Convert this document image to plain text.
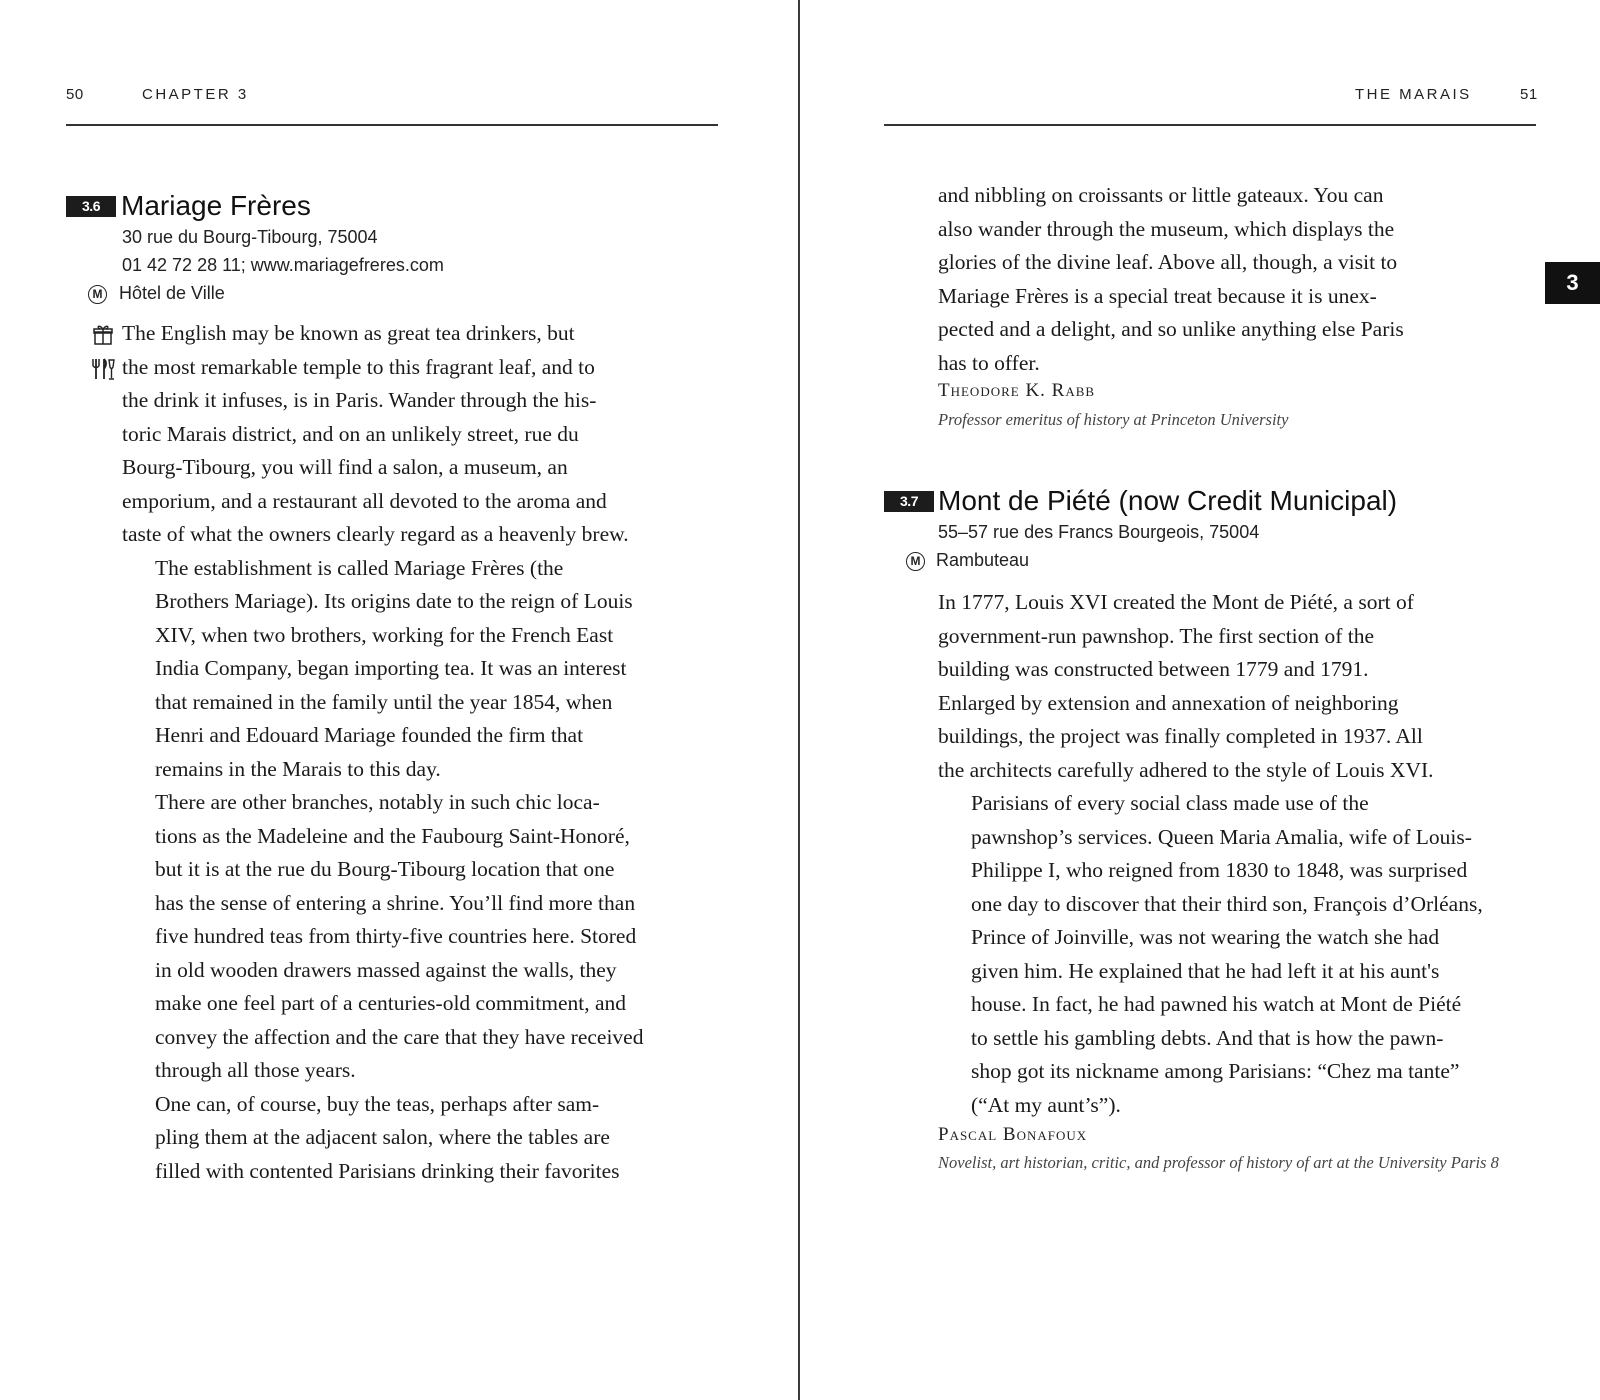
50	CHAPTER 3
3.6 Mariage Frères
30 rue du Bourg-Tibourg, 75004
01 42 72 28 11; www.mariagefreres.com
M Hôtel de Ville

The English may be known as great tea drinkers, but
the most remarkable temple to this fragrant leaf, and to
the drink it infuses, is in Paris. Wander through the his-
toric Marais district, and on an unlikely street, rue du
Bourg-Tibourg, you will find a salon, a museum, an
emporium, and a restaurant all devoted to the aroma and
taste of what the owners clearly regard as a heavenly brew.

The establishment is called Mariage Frères (the
Brothers Mariage). Its origins date to the reign of Louis
XIV, when two brothers, working for the French East
India Company, began importing tea. It was an interest
that remained in the family until the year 1854, when
Henri and Edouard Mariage founded the firm that
remains in the Marais to this day.

There are other branches, notably in such chic loca-
tions as the Madeleine and the Faubourg Saint-Honoré,
but it is at the rue du Bourg-Tibourg location that one
has the sense of entering a shrine. You’ll find more than
five hundred teas from thirty-five countries here. Stored
in old wooden drawers massed against the walls, they
make one feel part of a centuries-old commitment, and
convey the affection and the care that they have received
through all those years.

One can, of course, buy the teas, perhaps after sam-
pling them at the adjacent salon, where the tables are
filled with contented Parisians drinking their favorites

THE MARAIS	51
3

and nibbling on croissants or little gateaux. You can
also wander through the museum, which displays the
glories of the divine leaf. Above all, though, a visit to
Mariage Frères is a special treat because it is unex-
pected and a delight, and so unlike anything else Paris
has to offer.

Theodore K. Rabb
Professor emeritus of history at Princeton University
3.7 Mont de Piété (now Credit Municipal)
55–57 rue des Francs Bourgeois, 75004
M Rambuteau

In 1777, Louis XVI created the Mont de Piété, a sort of
government-run pawnshop. The first section of the
building was constructed between 1779 and 1791.
Enlarged by extension and annexation of neighboring
buildings, the project was finally completed in 1937. All
the architects carefully adhered to the style of Louis XVI.

Parisians of every social class made use of the
pawnshop’s services. Queen Maria Amalia, wife of Louis-
Philippe I, who reigned from 1830 to 1848, was surprised
one day to discover that their third son, François d’Orléans,
Prince of Joinville, was not wearing the watch she had
given him. He explained that he had left it at his aunt's
house. In fact, he had pawned his watch at Mont de Piété
to settle his gambling debts. And that is how the pawn-
shop got its nickname among Parisians: “Chez ma tante”
(“At my aunt’s”).

Pascal Bonafoux
Novelist, art historian, critic, and professor of history of art at the University Paris 8
